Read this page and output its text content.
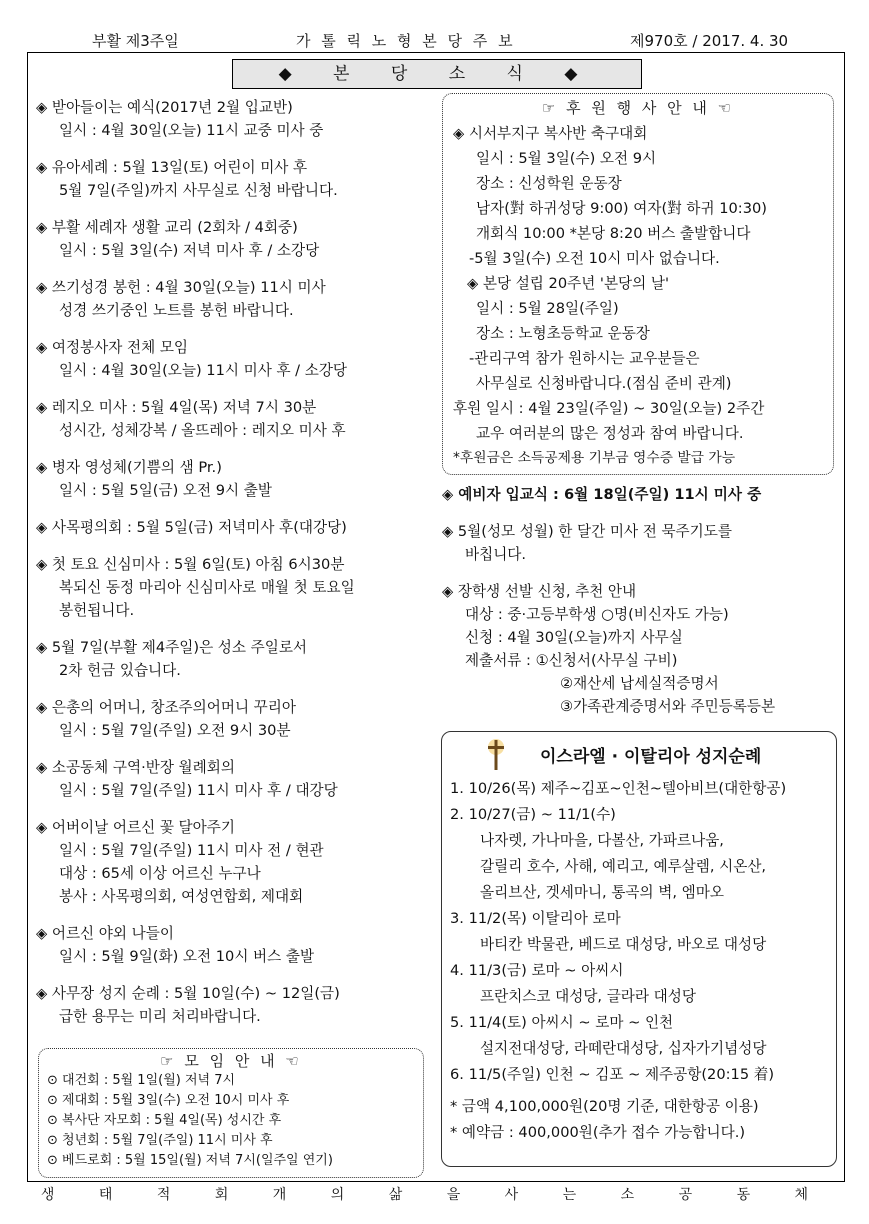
부활 제3주일	가 톨 릭 노 형 본 당 주 보	제970호 / 2017. 4. 30
◆ 본 당 소 식 ◆
◈ 받아들이는 예식(2017년 2월 입교반)
일시 : 4월 30일(오늘) 11시 교중 미사 중
◈ 유아세례 : 5월 13일(토) 어린이 미사 후
5월 7일(주일)까지 사무실로 신청 바랍니다.
◈ 부활 세례자 생활 교리 (2회차 / 4회중)
일시 : 5월 3일(수) 저녁 미사 후 / 소강당
◈ 쓰기성경 봉헌 : 4월 30일(오늘) 11시 미사
성경 쓰기중인 노트를 봉헌 바랍니다.
◈ 여정봉사자 전체 모임
일시 : 4월 30일(오늘) 11시 미사 후 / 소강당
◈ 레지오 미사 : 5월 4일(목) 저녁 7시 30분
성시간, 성체강복 / 올뜨레아 : 레지오 미사 후
◈ 병자 영성체(기쁨의 샘 Pr.)
일시 : 5월 5일(금) 오전 9시 출발
◈ 사목평의회 : 5월 5일(금) 저녁미사 후(대강당)
◈ 첫 토요 신심미사 : 5월 6일(토) 아침 6시30분
복되신 동정 마리아 신심미사로 매월 첫 토요일
봉헌됩니다.
◈ 5월 7일(부활 제4주일)은 성소 주일로서
2차 헌금 있습니다.
◈ 은총의 어머니, 창조주의어머니 꾸리아
일시 : 5월 7일(주일) 오전 9시 30분
◈ 소공동체 구역·반장 월례회의
일시 : 5월 7일(주일) 11시 미사 후 / 대강당
◈ 어버이날 어르신 꽃 달아주기
일시 : 5월 7일(주일) 11시 미사 전 / 현관
대상 : 65세 이상 어르신 누구나
봉사 : 사목평의회, 여성연합회, 제대회
◈ 어르신 야외 나들이
일시 : 5월 9일(화) 오전 10시 버스 출발
◈ 사무장 성지 순례 : 5월 10일(수) ~ 12일(금)
급한 용무는 미리 처리바랍니다.
☞ 모 임 안 내 ☜
⊙ 대건회 : 5월 1일(월) 저녁 7시
⊙ 제대회 : 5월 3일(수) 오전 10시 미사 후
⊙ 복사단 자모회 : 5월 4일(목) 성시간 후
⊙ 청년회 : 5월 7일(주일) 11시 미사 후
⊙ 베드로회 : 5월 15일(월) 저녁 7시(일주일 연기)
☞ 후 원 행 사 안 내 ☜
◈ 시서부지구 복사반 축구대회
일시 : 5월 3일(수) 오전 9시
장소 : 신성학원 운동장
남자(對 하귀성당 9:00) 여자(對 하귀 10:30)
개회식 10:00 *본당 8:20 버스 출발합니다
-5월 3일(수) 오전 10시 미사 없습니다.
◈ 본당 설립 20주년 '본당의 날'
일시 : 5월 28일(주일)
장소 : 노형초등학교 운동장
-관리구역 참가 원하시는 교우분들은
사무실로 신청바랍니다.(점심 준비 관계)
후원 일시 : 4월 23일(주일) ~ 30일(오늘) 2주간
교우 여러분의 많은 정성과 참여 바랍니다.
*후원금은 소득공제용 기부금 영수증 발급 가능
◈ 예비자 입교식 : 6월 18일(주일) 11시 미사 중
◈ 5월(성모 성월) 한 달간 미사 전 묵주기도를
바칩니다.
◈ 장학생 선발 신청, 추천 안내
대상 : 중·고등부학생 ○명(비신자도 가능)
신청 : 4월 30일(오늘)까지 사무실
제출서류 : ①신청서(사무실 구비)
②재산세 납세실적증명서
③가족관계증명서와 주민등록등본
이스라엘 · 이탈리아 성지순례
1. 10/26(목) 제주~김포~인천~텔아비브(대한항공)
2. 10/27(금) ~ 11/1(수)
나자렛, 가나마을, 다볼산, 가파르나움,
갈릴리 호수, 사해, 예리고, 예루살렘, 시온산,
올리브산, 겟세마니, 통곡의 벽, 엠마오
3. 11/2(목) 이탈리아 로마
바티칸 박물관, 베드로 대성당, 바오로 대성당
4. 11/3(금) 로마 ~ 아씨시
프란치스코 대성당, 글라라 대성당
5. 11/4(토) 아씨시 ~ 로마 ~ 인천
설지전대성당, 라떼란대성당, 십자가기념성당
6. 11/5(주일) 인천 ~ 김포 ~ 제주공항(20:15 着)
* 금액 4,100,000원(20명 기준, 대한항공 이용)
* 예약금 : 400,000원(추가 접수 가능합니다.)
생 태 적 회 개 의 삶 을 사 는 소 공 동 체
